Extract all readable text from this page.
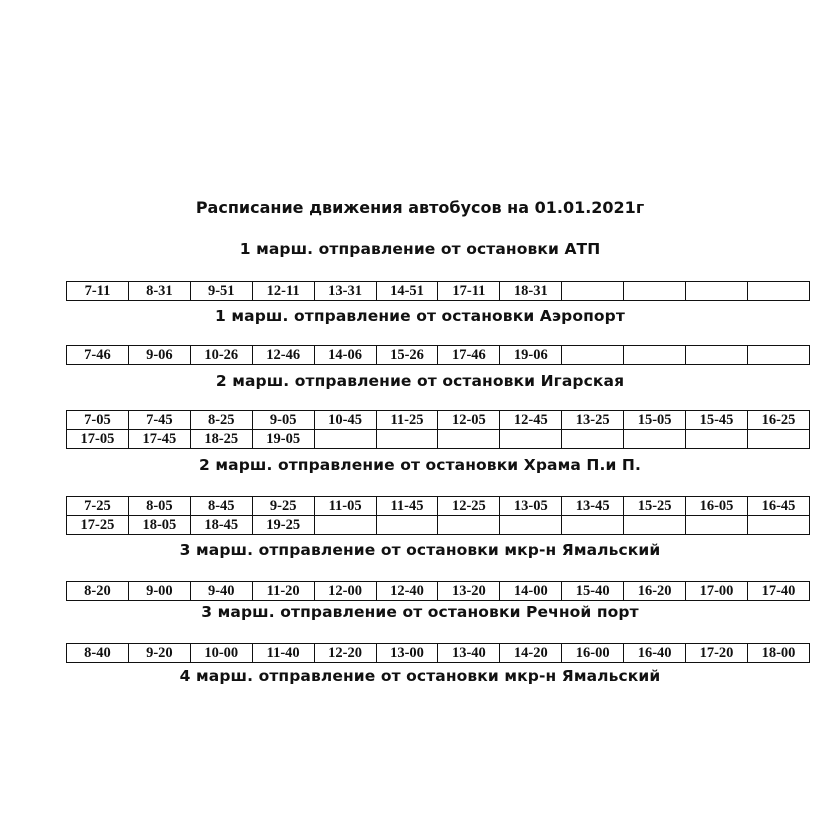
Расписание движения автобусов на 01.01.2021г
1 марш. отправление от остановки АТП
7-11	8-31	9-51	12-11	13-31	14-51	17-11	18-31				
1 марш. отправление от остановки Аэропорт
7-46	9-06	10-26	12-46	14-06	15-26	17-46	19-06				
2 марш. отправление от остановки Игарская
7-05	7-45	8-25	9-05	10-45	11-25	12-05	12-45	13-25	15-05	15-45	16-25
17-05	17-45	18-25	19-05								
2 марш. отправление от остановки Храма П.и П.
7-25	8-05	8-45	9-25	11-05	11-45	12-25	13-05	13-45	15-25	16-05	16-45
17-25	18-05	18-45	19-25								
3 марш. отправление от остановки мкр-н Ямальский
8-20	9-00	9-40	11-20	12-00	12-40	13-20	14-00	15-40	16-20	17-00	17-40
3 марш. отправление от остановки Речной порт
8-40	9-20	10-00	11-40	12-20	13-00	13-40	14-20	16-00	16-40	17-20	18-00
4 марш. отправление от остановки мкр-н Ямальский
